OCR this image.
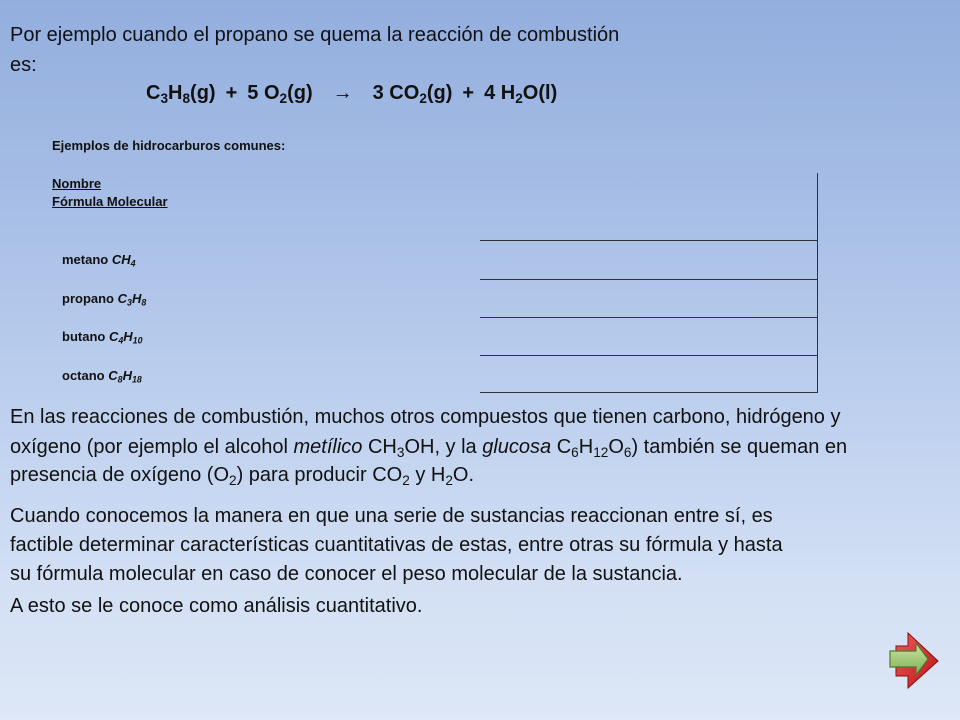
Por ejemplo cuando el propano se quema la reacción de combustión
es:
$C_3H_8(g) + 5$ $O_2(g) \to 3$ $CO_2(g) + 4$ $H_2O(l)$
Ejemplos de hidrocarburos comunes:
Nombre
Fórmula Molecular
metano $CH_4$
propano $C_3H_8$
butano $C_4H_{10}$
octano $C_8H_{18}$
En las reacciones de combustión, muchos otros compuestos que tienen carbono, hidrógeno y
oxígeno (por ejemplo el alcohol metílico $CH_3OH$, y la glucosa $C_6H_{12}O_6$) también se queman en
presencia de oxígeno $(O_2)$ para producir $CO_2$ y $H_2O$.
Cuando conocemos la manera en que una serie de sustancias reaccionan entre sí, es
factible determinar características cuantitativas de estas, entre otras su fórmula y hasta
su fórmula molecular en caso de conocer el peso molecular de la sustancia.
A esto se le conoce como análisis cuantitativo.
